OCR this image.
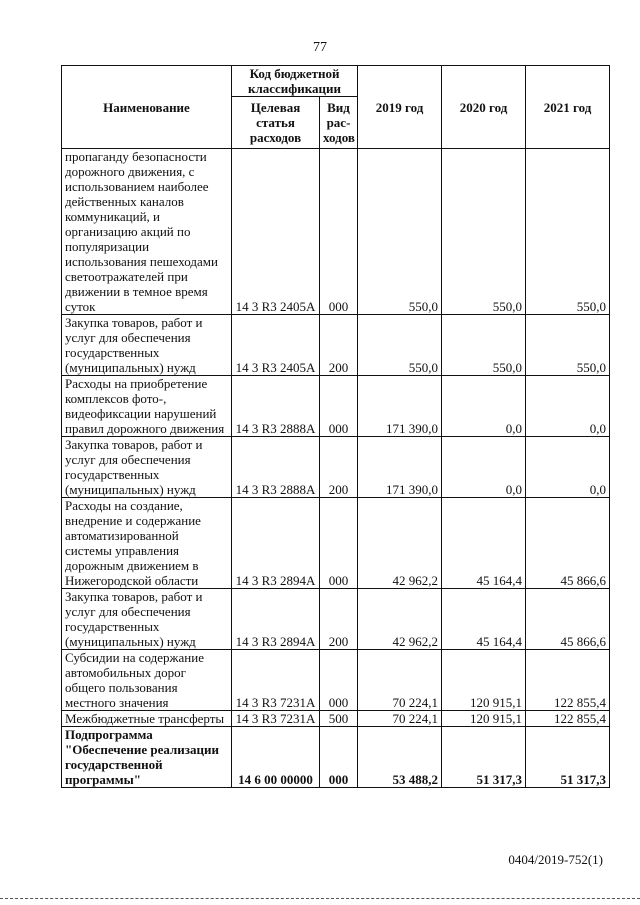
77
Наименование	Код бюджетной классификации		2019 год	2020 год	2021 год
	Целевая статья расходов	Вид рас-ходов			
пропаганду безопасности дорожного движения, с использованием наиболее действенных каналов коммуникаций, и организацию акций по популяризации использования пешеходами светоотражателей при движении в темное время суток	14 3 R3 2405A	000	550,0	550,0	550,0
Закупка товаров, работ и услуг для обеспечения государственных (муниципальных) нужд	14 3 R3 2405A	200	550,0	550,0	550,0
Расходы на приобретение комплексов фото-, видеофиксации нарушений правил дорожного движения	14 3 R3 2888A	000	171 390,0	0,0	0,0
Закупка товаров, работ и услуг для обеспечения государственных (муниципальных) нужд	14 3 R3 2888A	200	171 390,0	0,0	0,0
Расходы на создание, внедрение и содержание автоматизированной системы управления дорожным движением в Нижегородской области	14 3 R3 2894A	000	42 962,2	45 164,4	45 866,6
Закупка товаров, работ и услуг для обеспечения государственных (муниципальных) нужд	14 3 R3 2894A	200	42 962,2	45 164,4	45 866,6
Субсидии на содержание автомобильных дорог общего пользования местного значения	14 3 R3 7231A	000	70 224,1	120 915,1	122 855,4
Межбюджетные трансферты	14 3 R3 7231A	500	70 224,1	120 915,1	122 855,4
Подпрограмма "Обеспечение реализации государственной программы"	14 6 00 00000	000	53 488,2	51 317,3	51 317,3
0404/2019-752(1)
